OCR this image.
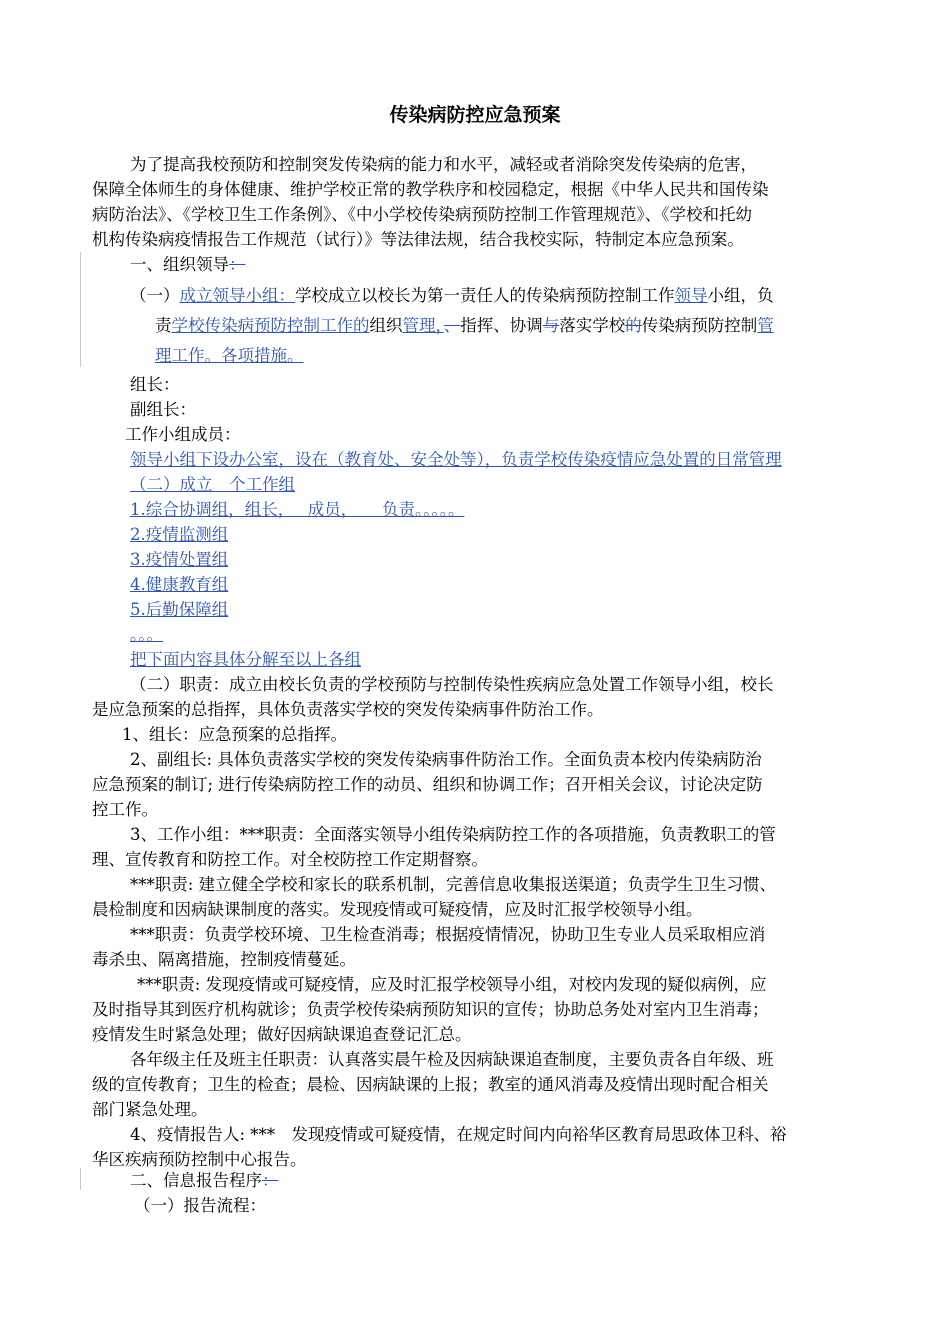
传染病防控应急预案
为了提高我校预防和控制突发传染病的能力和水平，减轻或者消除突发传染病的危害，
保障全体师生的身体健康、维护学校正常的教学秩序和校园稳定，根据《中华人民共和国传染
病防治法》、《学校卫生工作条例》、《中小学校传染病预防控制工作管理规范》、《学校和托幼
机构传染病疫情报告工作规范（试行）》等法律法规，结合我校实际，特制定本应急预案。
一、组织领导：
（一）成立领导小组：学校成立以校长为第一责任人的传染病预防控制工作领导小组，负
责学校传染病预防控制工作的组织管理，、指挥、协调与落实学校的传染病预防控制管
理工作。各项措施。
组长：
副组长：
工作小组成员：
领导小组下设办公室，设在（教育处、安全处等），负责学校传染疫情应急处置的日常管理
（二）成立　个工作组
1.综合协调组，组长，　 成员，　　负责。。。。。
2.疫情监测组
3.疫情处置组
4.健康教育组
5.后勤保障组
。。。
把下面内容具体分解至以上各组
（二）职责：成立由校长负责的学校预防与控制传染性疾病应急处置工作领导小组，校长
是应急预案的总指挥，具体负责落实学校的突发传染病事件防治工作。
1、组长：应急预案的总指挥。
2、副组长: 具体负责落实学校的突发传染病事件防治工作。全面负责本校内传染病防治
应急预案的制订; 进行传染病防控工作的动员、组织和协调工作；召开相关会议，讨论决定防
控工作。
3、工作小组：***职责：全面落实领导小组传染病防控工作的各项措施，负责教职工的管
理、宣传教育和防控工作。对全校防控工作定期督察。
***职责: 建立健全学校和家长的联系机制，完善信息收集报送渠道；负责学生卫生习惯、
晨检制度和因病缺课制度的落实。发现疫情或可疑疫情，应及时汇报学校领导小组。
***职责：负责学校环境、卫生检查消毒；根据疫情情况，协助卫生专业人员采取相应消
毒杀虫、隔离措施，控制疫情蔓延。
***职责: 发现疫情或可疑疫情，应及时汇报学校领导小组，对校内发现的疑似病例，应
及时指导其到医疗机构就诊；负责学校传染病预防知识的宣传；协助总务处对室内卫生消毒；
疫情发生时紧急处理；做好因病缺课追查登记汇总。
各年级主任及班主任职责：认真落实晨午检及因病缺课追查制度，主要负责各自年级、班
级的宣传教育；卫生的检查；晨检、因病缺课的上报；教室的通风消毒及疫情出现时配合相关
部门紧急处理。
4、疫情报告人: ***　发现疫情或可疑疫情，在规定时间内向裕华区教育局思政体卫科、裕
华区疾病预防控制中心报告。
二、信息报告程序：
（一）报告流程：
